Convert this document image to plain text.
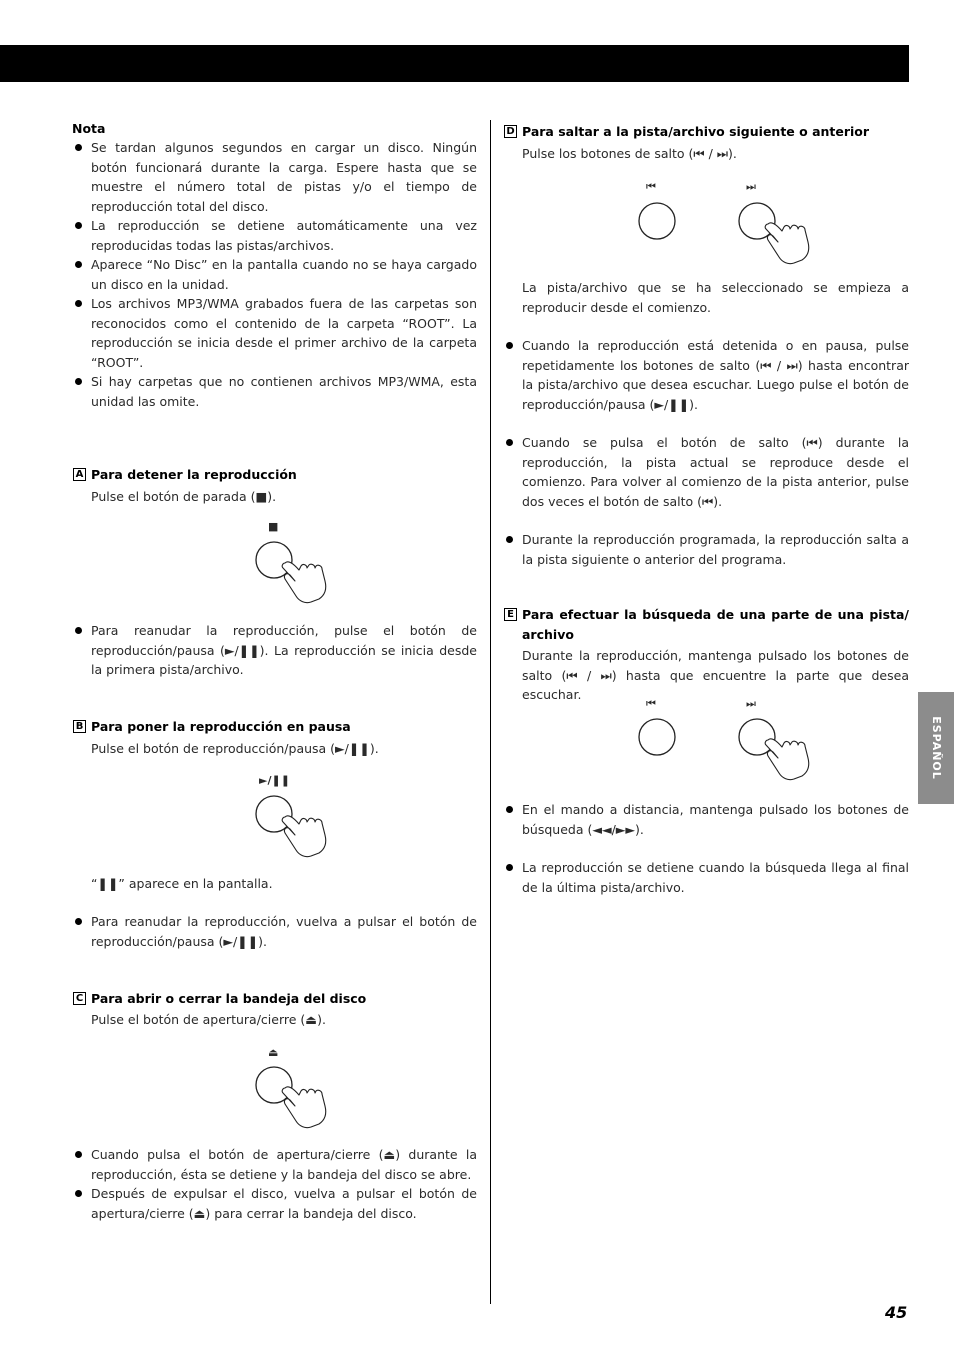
ESPAÑOL
45
Nota

Se tardan algunos segundos en cargar un disco. Ningún botón funcionará durante la carga. Espere hasta que se muestre el número total de pistas y/o el tiempo de reproducción total del disco.

La reproducción se detiene automáticamente una vez reproducidas todas las pistas/archivos.

Aparece “No Disc” en la pantalla cuando no se haya cargado un disco en la unidad.

Los archivos MP3/WMA grabados fuera de las carpetas son reconocidos como el contenido de la carpeta “ROOT”. La reproducción se inicia desde el primer archivo de la carpeta “ROOT”.

Si hay carpetas que no contienen archivos MP3/WMA, esta unidad las omite.

A Para detener la reproducción
Pulse el botón de parada (■).
■

Para reanudar la reproducción, pulse el botón de reproducción/pausa (►/❚❚). La reproducción se inicia desde la primera pista/archivo.

B Para poner la reproducción en pausa
Pulse el botón de reproducción/pausa (►/❚❚).
►/❚❚
“❚❚” aparece en la pantalla.

Para reanudar la reproducción, vuelva a pulsar el botón de reproducción/pausa (►/❚❚).

C Para abrir o cerrar la bandeja del disco
Pulse el botón de apertura/cierre (⏏).
⏏

Cuando pulsa el botón de apertura/cierre (⏏) durante la reproducción, ésta se detiene y la bandeja del disco se abre.

Después de expulsar el disco, vuelva a pulsar el botón de apertura/cierre (⏏) para cerrar la bandeja del disco.

D Para saltar a la pista/archivo siguiente o anterior
Pulse los botones de salto (⏮ / ⏭).
⏮	⏭
La pista/archivo que se ha seleccionado se empieza a reproducir desde el comienzo.

Cuando la reproducción está detenida o en pausa, pulse repetidamente los botones de salto (⏮ / ⏭) hasta encontrar la pista/archivo que desea escuchar. Luego pulse el botón de reproducción/pausa (►/❚❚).

Cuando se pulsa el botón de salto (⏮) durante la reproducción, la pista actual se reproduce desde el comienzo. Para volver al comienzo de la pista anterior, pulse dos veces el botón de salto (⏮).

Durante la reproducción programada, la reproducción salta a la pista siguiente o anterior del programa.

E Para efectuar la búsqueda de una parte de una pista/ archivo
Durante la reproducción, mantenga pulsado los botones de salto (⏮ / ⏭) hasta que encuentre la parte que desea escuchar.
⏮	⏭

En el mando a distancia, mantenga pulsado los botones de búsqueda (◄◄/►►).

La reproducción se detiene cuando la búsqueda llega al final de la última pista/archivo.
